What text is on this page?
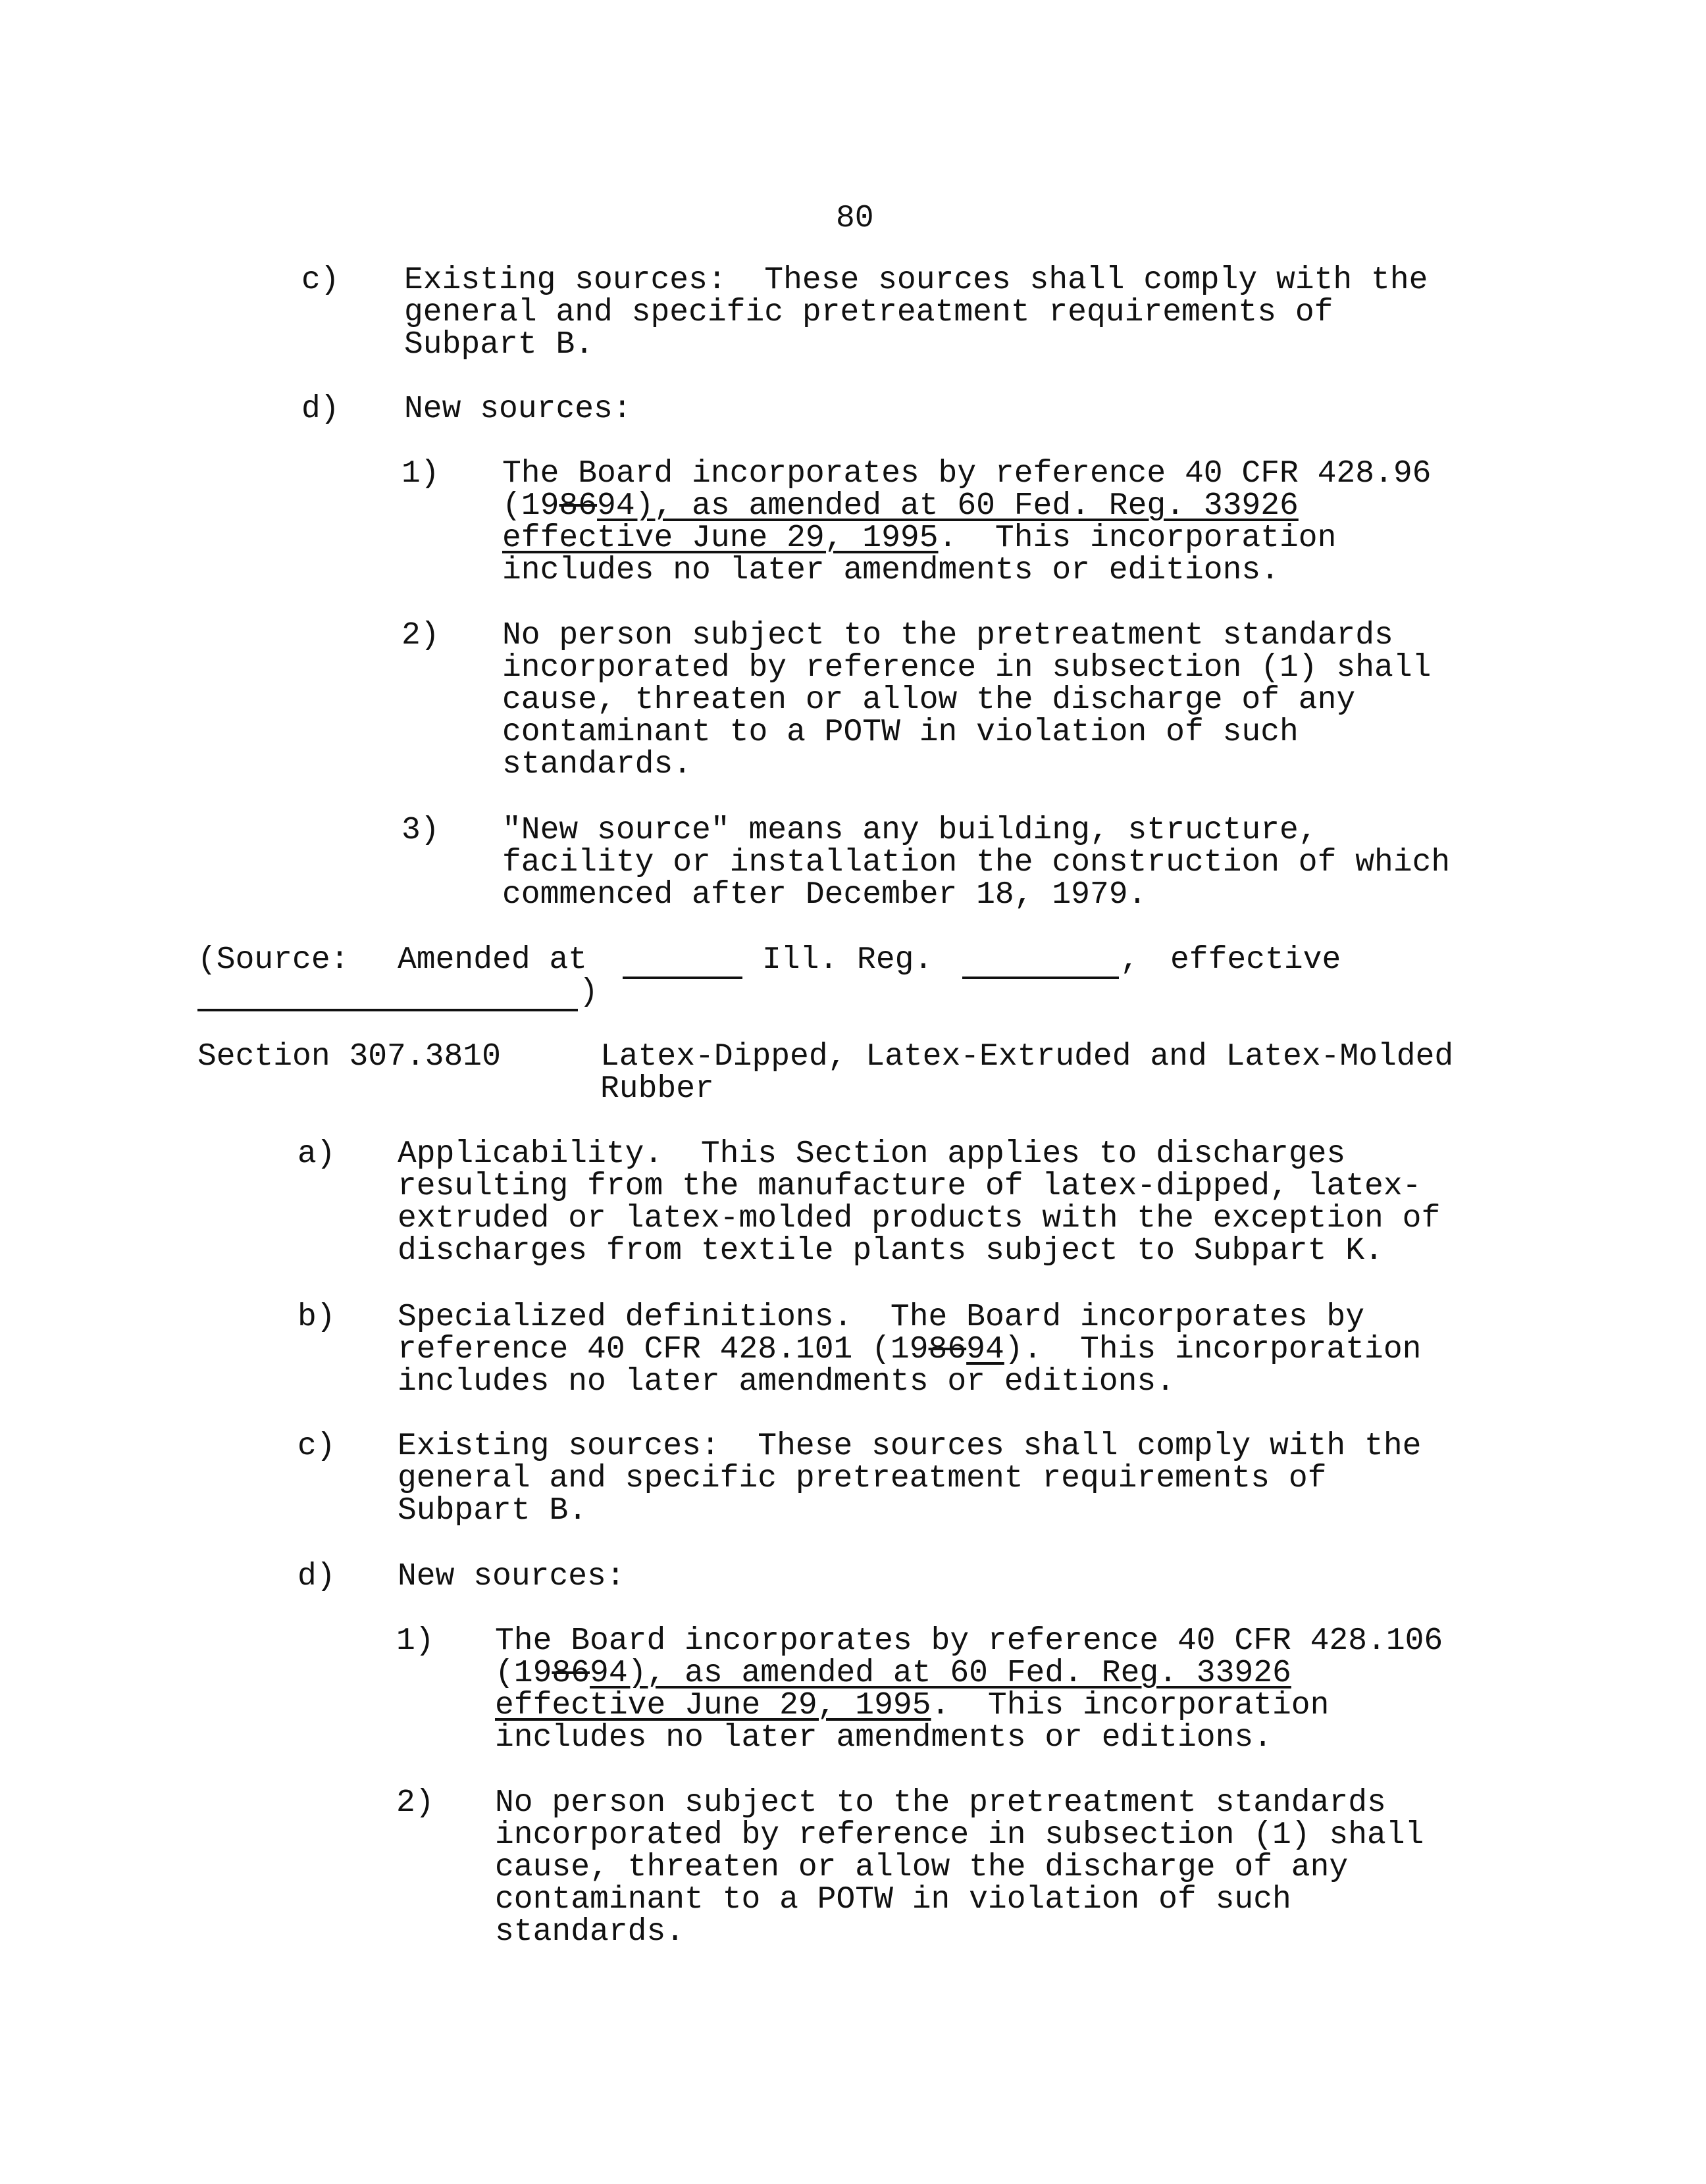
80
c) Existing sources:  These sources shall comply with the
general and specific pretreatment requirements of
Subpart B.
d) New sources:
1) The Board incorporates by reference 40 CFR 428.96
(198694), as amended at 60 Fed. Reg. 33926
effective June 29, 1995.  This incorporation
includes no later amendments or editions.
2) No person subject to the pretreatment standards
incorporated by reference in subsection (1) shall
cause, threaten or allow the discharge of any
contaminant to a POTW in violation of such
standards.
3) "New source" means any building, structure,
facility or installation the construction of which
commenced after December 18, 1979.
(Source: Amended at	Ill. Reg.	, effective
)
Section 307.3810	Latex-Dipped, Latex-Extruded and Latex-Molded
Rubber
a) Applicability.  This Section applies to discharges
resulting from the manufacture of latex-dipped, latex-
extruded or latex-molded products with the exception of
discharges from textile plants subject to Subpart K.
b) Specialized definitions.  The Board incorporates by
reference 40 CFR 428.101 (198694).  This incorporation
includes no later amendments or editions.
c) Existing sources:  These sources shall comply with the
general and specific pretreatment requirements of
Subpart B.
d) New sources:
1) The Board incorporates by reference 40 CFR 428.106
(198694), as amended at 60 Fed. Reg. 33926
effective June 29, 1995.  This incorporation
includes no later amendments or editions.
2) No person subject to the pretreatment standards
incorporated by reference in subsection (1) shall
cause, threaten or allow the discharge of any
contaminant to a POTW in violation of such
standards.
